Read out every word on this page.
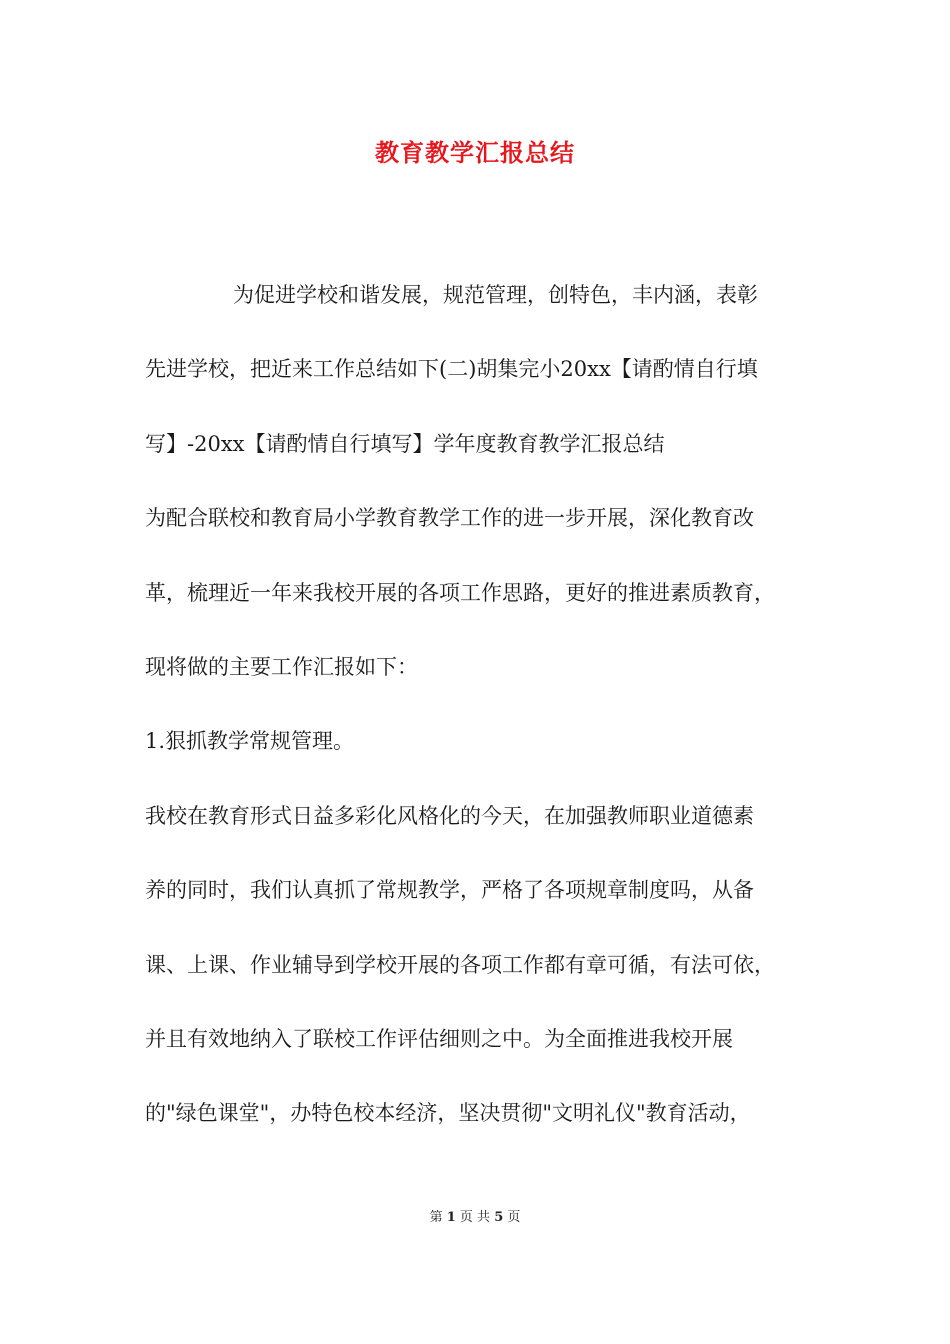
教育教学汇报总结
为促进学校和谐发展，规范管理，创特色，丰内涵，表彰
先进学校，把近来工作总结如下(二)胡集完小20xx【请酌情自行填
写】-20xx【请酌情自行填写】学年度教育教学汇报总结
为配合联校和教育局小学教育教学工作的进一步开展，深化教育改
革，梳理近一年来我校开展的各项工作思路，更好的推进素质教育，
现将做的主要工作汇报如下：
1.狠抓教学常规管理。
我校在教育形式日益多彩化风格化的今天，在加强教师职业道德素
养的同时，我们认真抓了常规教学，严格了各项规章制度吗，从备
课、上课、作业辅导到学校开展的各项工作都有章可循，有法可依，
并且有效地纳入了联校工作评估细则之中。为全面推进我校开展
的"绿色课堂"，办特色校本经济，坚决贯彻"文明礼仪"教育活动，
第 1 页 共 5 页
